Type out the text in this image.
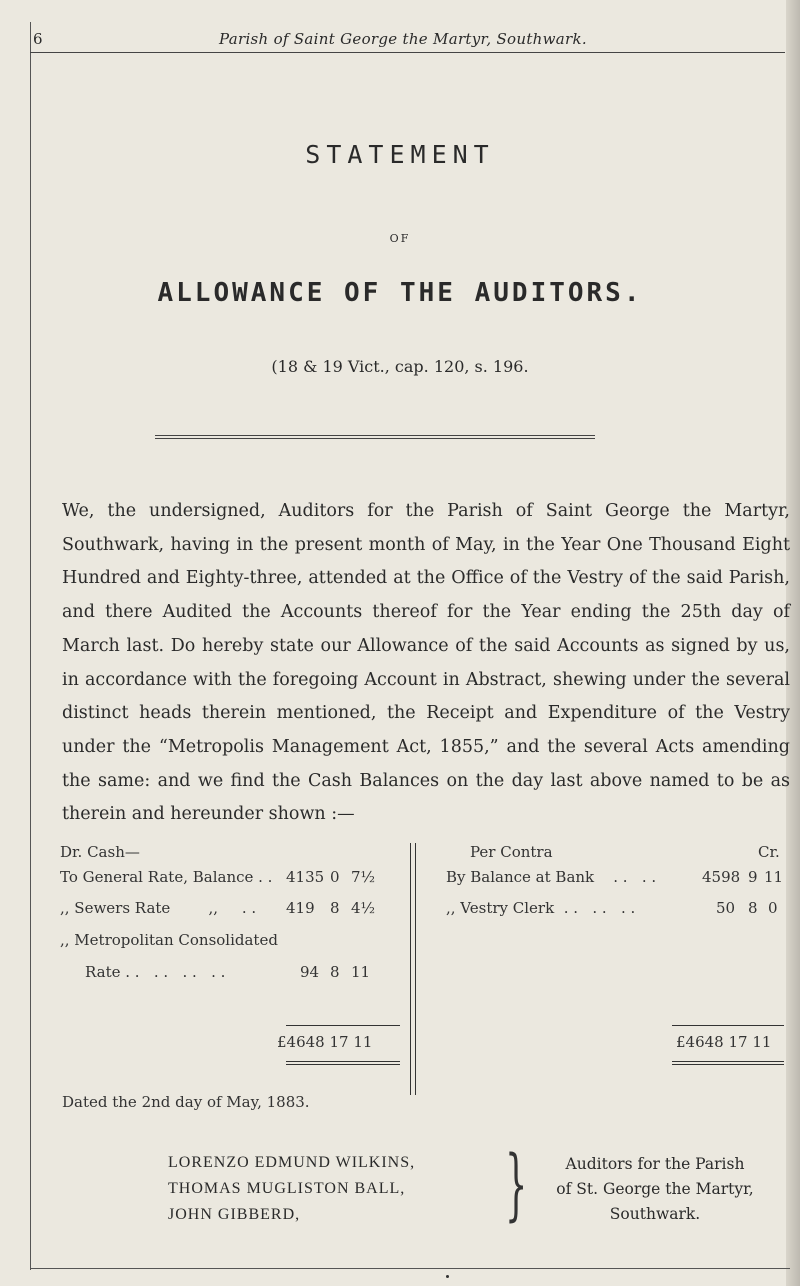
6	Parish of Saint George the Martyr, Southwark.
STATEMENT
OF
ALLOWANCE OF THE AUDITORS.
(18 & 19 Vict., cap. 120, s. 196.
We, the undersigned, Auditors for the Parish of Saint George the Martyr, Southwark, having in the present month of May, in the Year One Thousand Eight Hundred and Eighty-three, attended at the Office of the Vestry of the said Parish, and there Audited the Accounts thereof for the Year ending the 25th day of March last. Do hereby state our Allowance of the said Accounts as signed by us, in accordance with the foregoing Account in Abstract, shewing under the several distinct heads therein mentioned, the Receipt and Expenditure of the Vestry under the “Metropolis Management Act, 1855,” and the several Acts amending the same: and we find the Cash Balances on the day last above named to be as therein and hereunder shown :—
Dr. Cash—
To General Rate, Balance . . 4135 0 7½
,, Sewers Rate        ,,     . . 419 8 4½
,, Metropolitan Consolidated
Rate . .   . .   . .   . .	94 8 11
£4648 17 11
Per Contra	Cr.
By Balance at Bank    . .   . .	4598 9 11
,, Vestry Clerk  . .   . .   . .	50 8 0
£4648 17 11
Dated the 2nd day of May, 1883.
LORENZO EDMUND WILKINS,
THOMAS MUGLISTON BALL,
JOHN GIBBERD,	}	Auditors for the Parish
of St. George the Martyr,
Southwark.
